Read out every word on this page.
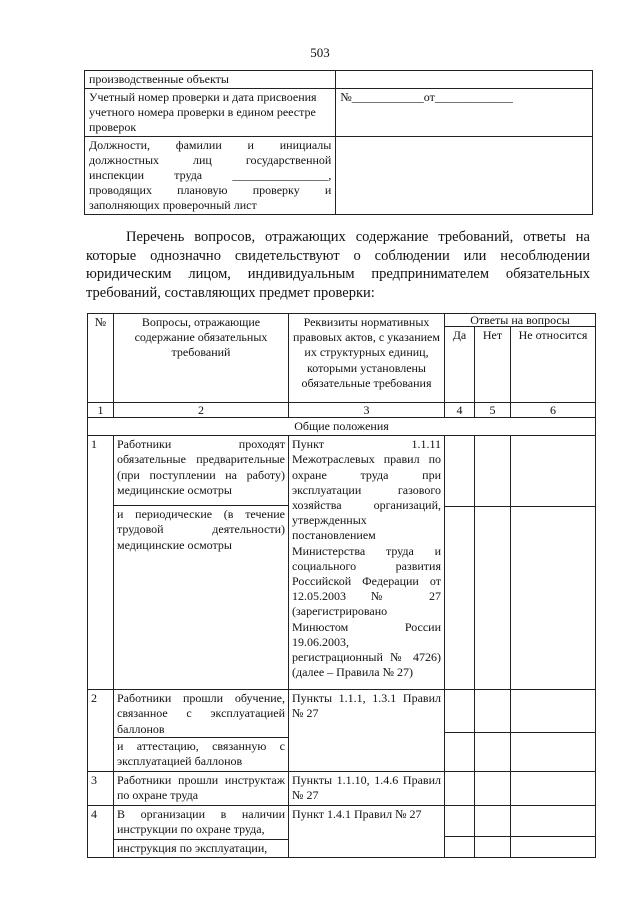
503
производственные объекты	
Учетный номер проверки и дата присвоения учетного номера проверки в едином реестре проверок	№____________от_____________

Должности, фамилии и инициалы
должностных лиц государственной
инспекции труда ________________,
проводящих плановую проверку и
заполняющих проверочный лист	

Перечень вопросов, отражающих содержание требований, ответы на которые однозначно свидетельствуют о соблюдении или несоблюдении юридическим лицом, индивидуальным предпринимателем обязательных требований, составляющих предмет проверки:
№	Вопросы, отражающие содержание обязательных требований	Реквизиты нормативных правовых актов, с указанием их структурных единиц, которыми установлены обязательные требования	Ответы на вопросы		
			Да	Нет	Не относится
1	2	3	4	5	6
Общие положения					
1	Работники проходят обязательные предварительные (при поступлении на работу) медицинские осмотры
и периодические (в течение трудовой деятельности) медицинские осмотры	Пункт 1.1.11 Межотраслевых правил по охране труда при эксплуатации газового хозяйства организаций, утвержденных постановлением Министерства труда и социального развития Российской Федерации от 12.05.2003 № 27 (зарегистрировано Минюстом России 19.06.2003, регистрационный № 4726) (далее – Правила № 27)	

2	Работники прошли обучение, связанное с эксплуатацией баллонов
и аттестацию, связанную с эксплуатацией баллонов	Пункты 1.1.1, 1.3.1 Правил № 27	

3	Работники прошли инструктаж по охране труда	Пункты 1.1.10, 1.4.6 Правил № 27			
4	В организации в наличии инструкции по охране труда,
инструкция по эксплуатации,	Пункт 1.4.1 Правил № 27	
